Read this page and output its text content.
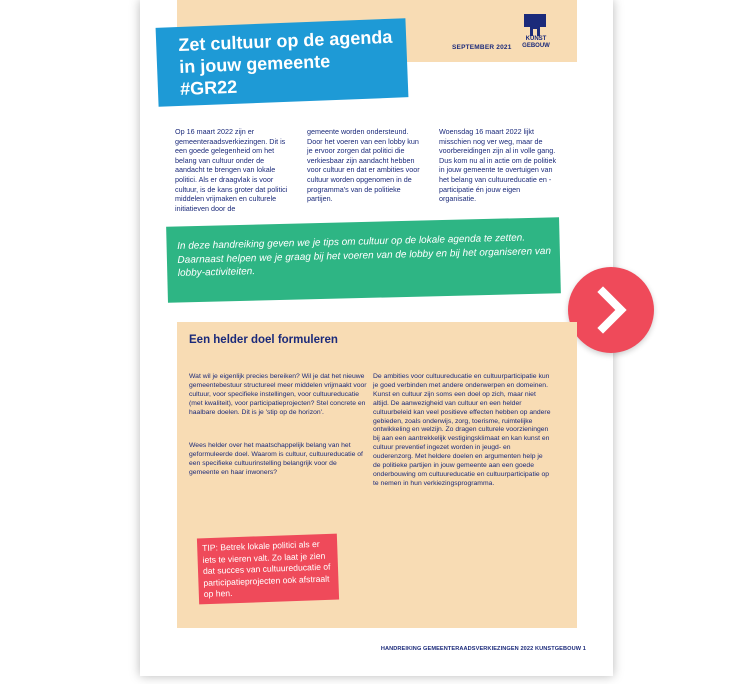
SEPTEMBER 2021
KUNST
GEBOUW
Zet cultuur op de agenda
in jouw gemeente
#GR22
Op 16 maart 2022 zijn er gemeenteraadsverkiezingen. Dit is een goede gelegenheid om het belang van cultuur onder de aandacht te brengen van lokale politici. Als er draagvlak is voor cultuur, is de kans groter dat politici middelen vrijmaken en culturele initiatieven door de
gemeente worden ondersteund. Door het voeren van een lobby kun je ervoor zorgen dat politici die verkiesbaar zijn aandacht hebben voor cultuur en dat er ambities voor cultuur worden opgenomen in de programma's van de politieke partijen.
Woensdag 16 maart 2022 lijkt misschien nog ver weg, maar de voorbereidingen zijn al in volle gang. Dus kom nu al in actie om de politiek in jouw gemeente te overtuigen van het belang van cultuureducatie en -participatie én jouw eigen organisatie.
In deze handreiking geven we je tips om cultuur op de lokale agenda te zetten. Daarnaast helpen we je graag bij het voeren van de lobby en bij het organiseren van lobby-activiteiten.
Een helder doel formuleren
Wat wil je eigenlijk precies bereiken? Wil je dat het nieuwe gemeentebestuur structureel meer middelen vrijmaakt voor cultuur, voor specifieke instellingen, voor cultuureducatie (met kwaliteit), voor participatieprojecten? Stel concrete en haalbare doelen. Dit is je 'stip op de horizon'.
Wees helder over het maatschappelijk belang van het geformuleerde doel. Waarom is cultuur, cultuureducatie of een specifieke cultuurinstelling belangrijk voor de gemeente en haar inwoners?
De ambities voor cultuureducatie en cultuurparticipatie kun je goed verbinden met andere onderwerpen en domeinen. Kunst en cultuur zijn soms een doel op zich, maar niet altijd. De aanwezigheid van cultuur en een helder cultuurbeleid kan veel positieve effecten hebben op andere gebieden, zoals onderwijs, zorg, toerisme, ruimtelijke ontwikkeling en welzijn. Zo dragen culturele voorzieningen bij aan een aantrekkelijk vestigingsklimaat en kan kunst en cultuur preventief ingezet worden in jeugd- en ouderenzorg. Met heldere doelen en argumenten help je de politieke partijen in jouw gemeente aan een goede onderbouwing om cultuureducatie en cultuurparticipatie op te nemen in hun verkiezingsprogramma.
TIP: Betrek lokale politici als er iets te vieren valt. Zo laat je zien dat succes van cultuureducatie of participatieprojecten ook afstraalt op hen.
HANDREIKING GEMEENTERAADSVERKIEZINGEN 2022 KUNSTGEBOUW 1
